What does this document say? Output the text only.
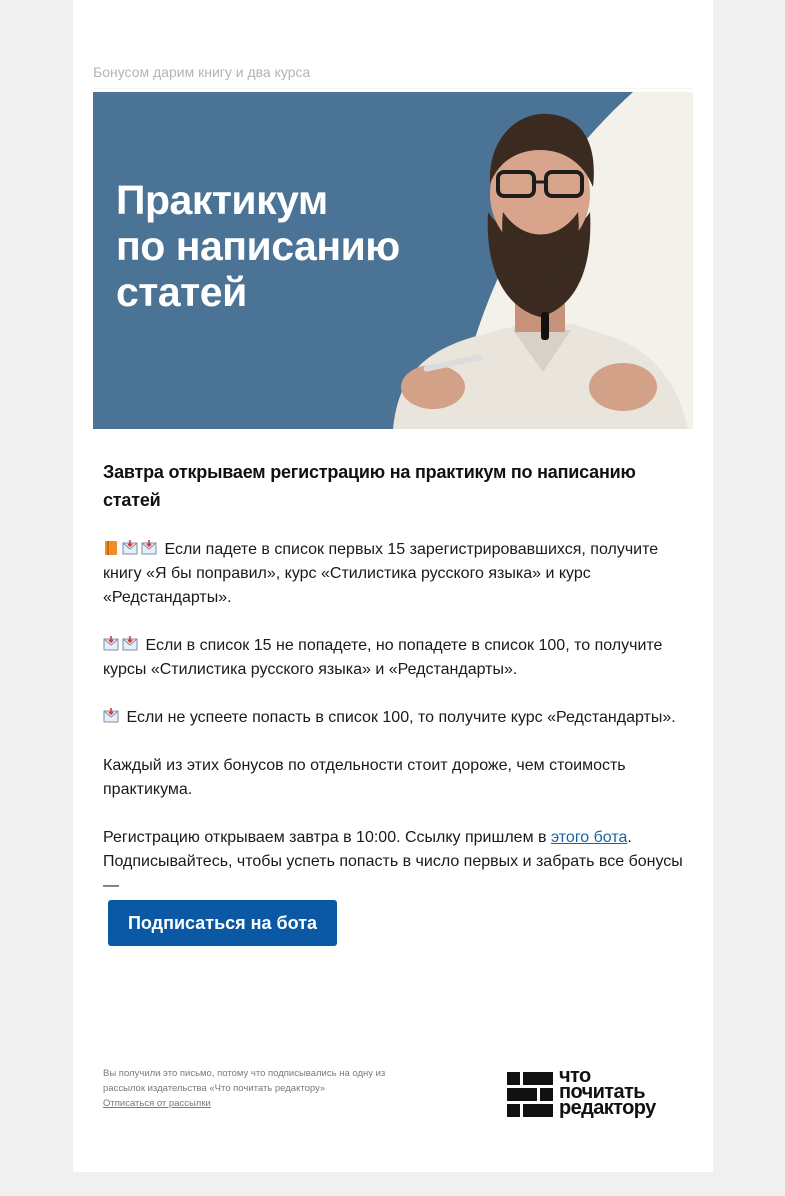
Бонусом дарим книгу и два курса
Практикум
по написанию
статей
Завтра открываем регистрацию на практикум по написанию статей
Если падете в список первых 15 зарегистрировавшихся, получите книгу «Я бы поправил», курс «Стилистика русского языка» и курс «Редстандарты».
Если в список 15 не попадете, но попадете в список 100, то получите курсы «Стилистика русского языка» и «Редстандарты».
Если не успеете попасть в список 100, то получите курс «Редстандарты».
Каждый из этих бонусов по отдельности стоит дороже, чем стоимость практикума.
Регистрацию открываем завтра в 10:00. Ссылку пришлем в этого бота. Подписывайтесь, чтобы успеть попасть в число первых и забрать все бонусы —
Подписаться на бота
Вы получили это письмо, потому что подписывались на одну из рассылок издательства «Что почитать редактору»
Отписаться от рассылки
что
почитать
редактору
